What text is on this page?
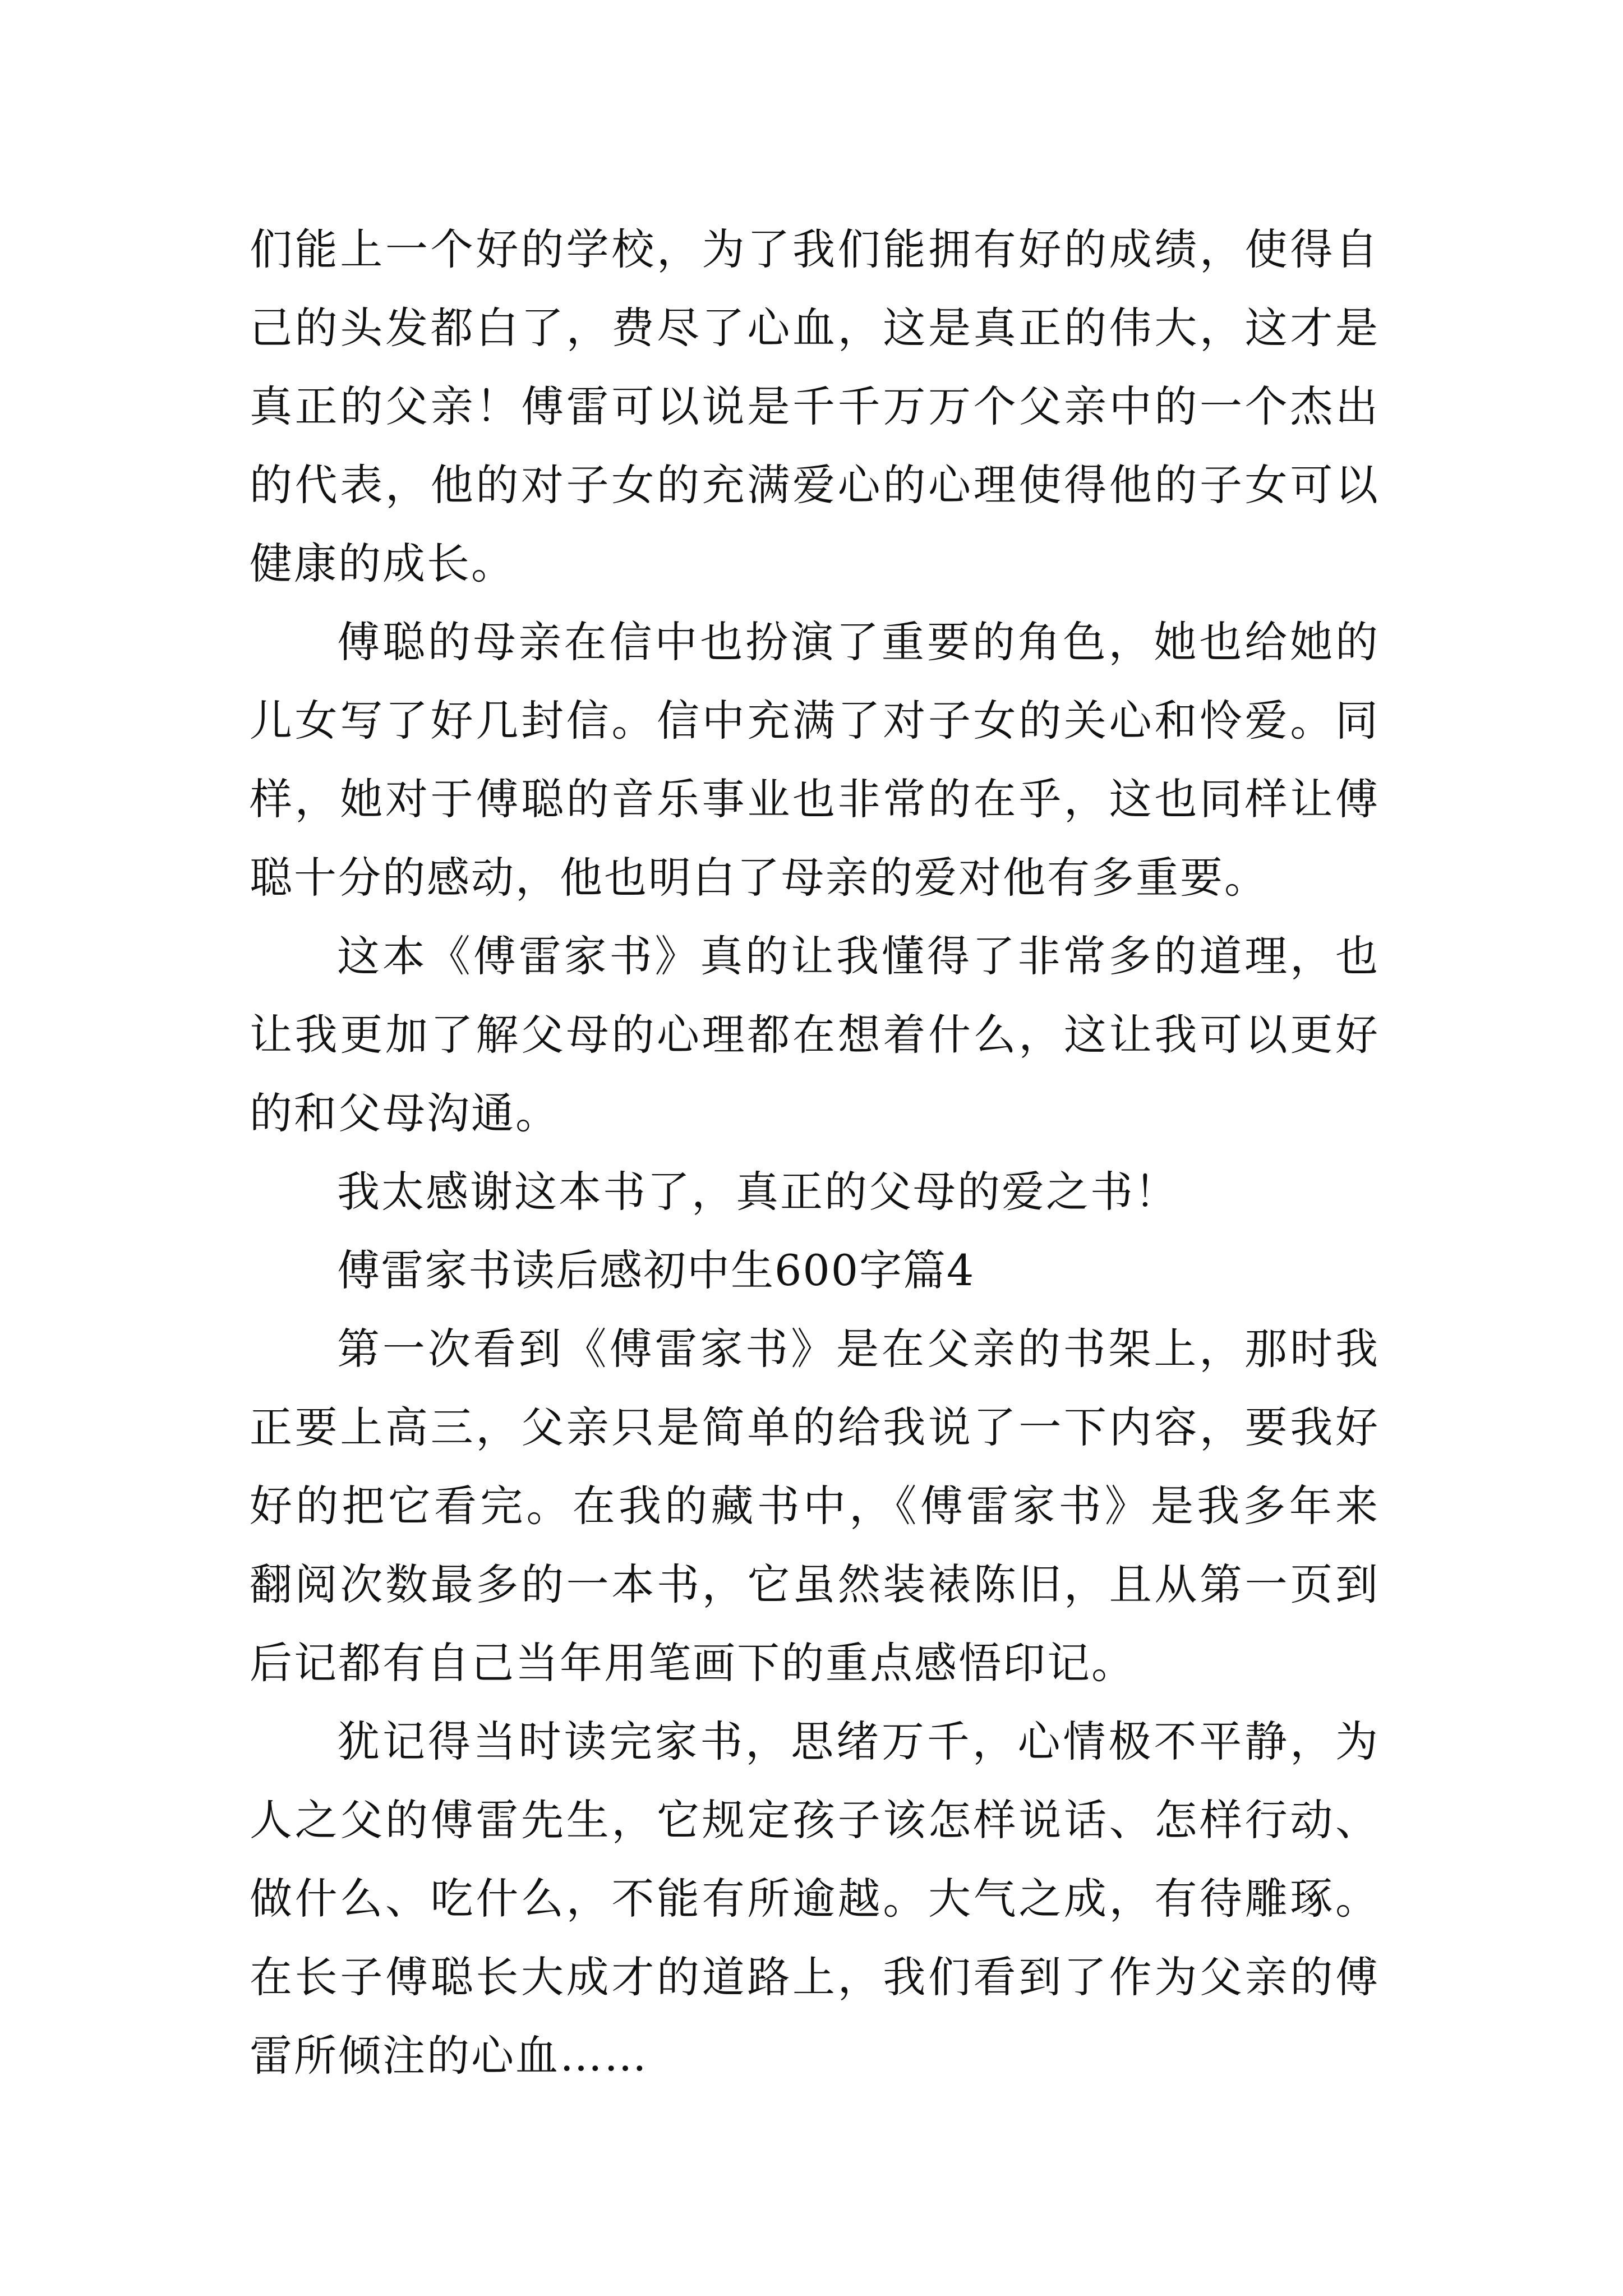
们能上一个好的学校，为了我们能拥有好的成绩，使得自己的头发都白了，费尽了心血，这是真正的伟大，这才是真正的父亲！傅雷可以说是千千万万个父亲中的一个杰出的代表，他的对子女的充满爱心的心理使得他的子女可以健康的成长。

傅聪的母亲在信中也扮演了重要的角色，她也给她的儿女写了好几封信。信中充满了对子女的关心和怜爱。同样，她对于傅聪的音乐事业也非常的在乎，这也同样让傅聪十分的感动，他也明白了母亲的爱对他有多重要。

这本《傅雷家书》真的让我懂得了非常多的道理，也让我更加了解父母的心理都在想着什么，这让我可以更好的和父母沟通。

我太感谢这本书了，真正的父母的爱之书！

傅雷家书读后感初中生600字篇4

第一次看到《傅雷家书》是在父亲的书架上，那时我正要上高三，父亲只是简单的给我说了一下内容，要我好好的把它看完。在我的藏书中，《傅雷家书》是我多年来翻阅次数最多的一本书，它虽然装裱陈旧，且从第一页到后记都有自己当年用笔画下的重点感悟印记。

犹记得当时读完家书，思绪万千，心情极不平静，为人之父的傅雷先生，它规定孩子该怎样说话、怎样行动、做什么、吃什么，不能有所逾越。大气之成，有待雕琢。在长子傅聪长大成才的道路上，我们看到了作为父亲的傅雷所倾注的心血……
